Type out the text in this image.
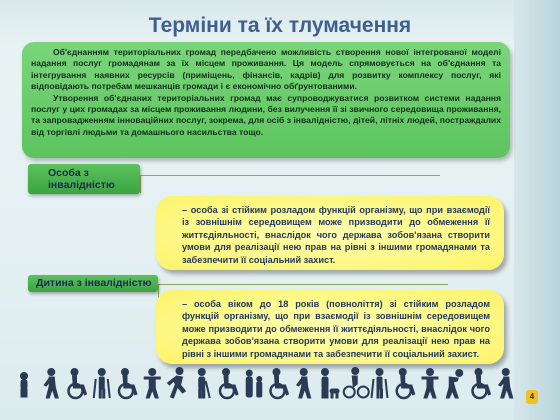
Терміни та їх тлумачення

Об'єднанням територіальних громад передбачено можливість створення нової інтегрованої моделі надання послуг громадянам за їх місцем проживання. Ця модель спрямовується на об'єднання та інтегрування наявних ресурсів (приміщень, фінансів, кадрів) для розвитку комплексу послуг, які відповідають потребам мешканців громади і є економічно обґрунтованими.

Утворення об'єднаних територіальних громад має супроводжуватися розвитком системи надання послуг у цих громадах за місцем проживання людини, без вилучення її зі звичного середовища проживання, та запровадженням інноваційних послуг, зокрема, для осіб з інвалідністю, дітей, літніх людей, постраждалих від торгівлі людьми та домашнього насильства тощо.

Особа з інвалідністю
– особа зі стійким розладом функцій організму, що при взаємодії із зовнішнім середовищем може призводити до обмеження її життєдіяльності, внаслідок чого держава зобов'язана створити умови для реалізації нею прав на рівні з іншими громадянами та забезпечити її соціальний захист.
Дитина з інвалідністю
– особа віком до 18 років (повноліття) зі стійким розладом функцій організму, що при взаємодії із зовнішнім середовищем може призводити до обмеження її життєдіяльності, внаслідок чого держава зобов'язана створити умови для реалізації нею прав на рівні з іншими громадянами та забезпечити її соціальний захист.
4
